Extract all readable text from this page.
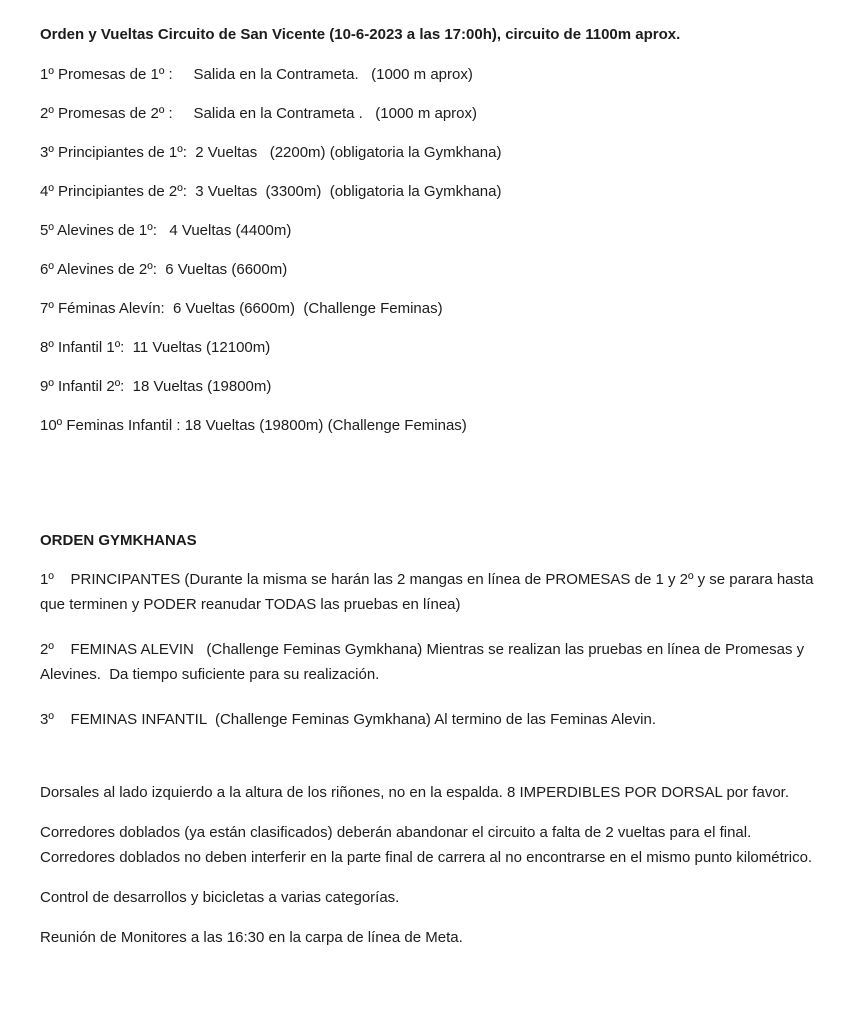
Orden y Vueltas Circuito de San Vicente (10-6-2023 a las 17:00h), circuito de 1100m aprox.

1º Promesas de 1º :     Salida en la Contrameta.   (1000 m aprox)

2º Promesas de 2º :     Salida en la Contrameta .   (1000 m aprox)

3º Principiantes de 1º:  2 Vueltas   (2200m) (obligatoria la Gymkhana)

4º Principiantes de 2º:  3 Vueltas  (3300m)  (obligatoria la Gymkhana)

5º Alevines de 1º:   4 Vueltas (4400m)

6º Alevines de 2º:  6 Vueltas (6600m)

7º Féminas Alevín:  6 Vueltas (6600m)  (Challenge Feminas)

8º Infantil 1º:  11 Vueltas (12100m)

9º Infantil 2º:  18 Vueltas (19800m)

10º Feminas Infantil : 18 Vueltas (19800m) (Challenge Feminas)

ORDEN GYMKHANAS

1º    PRINCIPANTES (Durante la misma se harán las 2 mangas en línea de PROMESAS de 1 y 2º y se parara hasta que terminen y PODER reanudar TODAS las pruebas en línea)

2º    FEMINAS ALEVIN   (Challenge Feminas Gymkhana) Mientras se realizan las pruebas en línea de Promesas y Alevines.  Da tiempo suficiente para su realización.

3º    FEMINAS INFANTIL  (Challenge Feminas Gymkhana) Al termino de las Feminas Alevin.

Dorsales al lado izquierdo a la altura de los riñones, no en la espalda. 8 IMPERDIBLES POR DORSAL por favor.

Corredores doblados (ya están clasificados) deberán abandonar el circuito a falta de 2 vueltas para el final. Corredores doblados no deben interferir en la parte final de carrera al no encontrarse en el mismo punto kilométrico.

Control de desarrollos y bicicletas a varias categorías.

Reunión de Monitores a las 16:30 en la carpa de línea de Meta.
